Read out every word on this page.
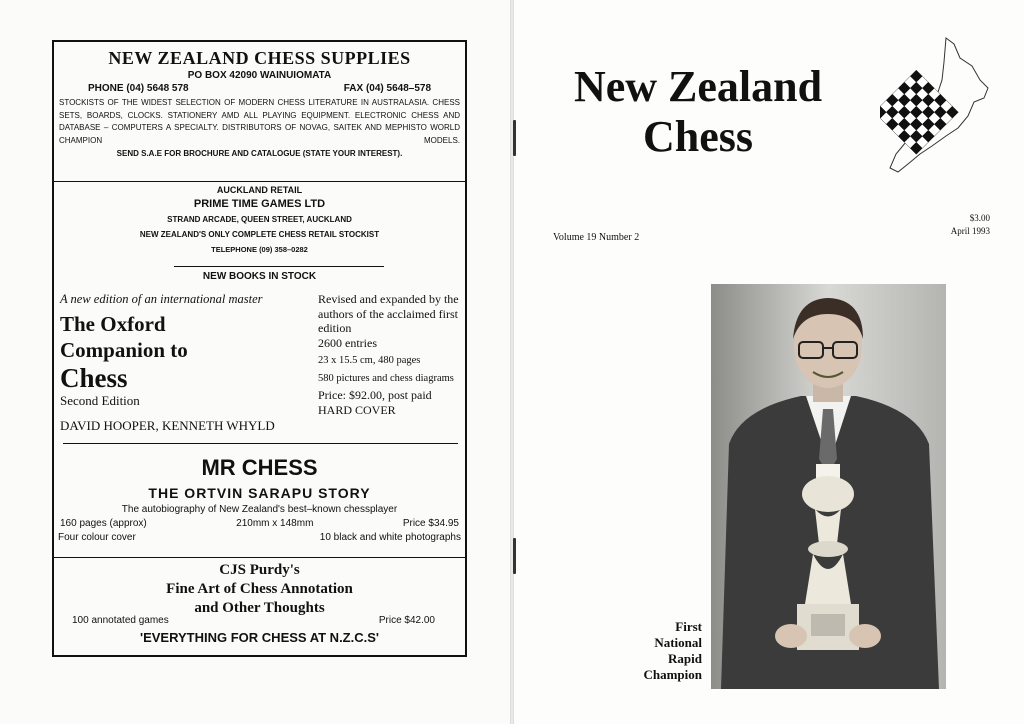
NEW ZEALAND CHESS SUPPLIES
PO BOX 42090 WAINUIOMATA
PHONE (04) 5648 578	FAX (04) 5648–578
STOCKISTS OF THE WIDEST SELECTION OF MODERN CHESS LITERATURE IN AUSTRALASIA. CHESS SETS, BOARDS, CLOCKS. STATIONERY AMD ALL PLAYING EQUIPMENT. ELECTRONIC CHESS AND DATABASE – COMPUTERS A SPECIALTY. DISTRIBUTORS OF NOVAG, SAITEK AND MEPHISTO WORLD CHAMPION MODELS.
SEND S.A.E FOR BROCHURE AND CATALOGUE (STATE YOUR INTEREST).
AUCKLAND RETAIL
PRIME TIME GAMES LTD
STRAND ARCADE, QUEEN STREET, AUCKLAND
NEW ZEALAND'S ONLY COMPLETE CHESS RETAIL STOCKIST
TELEPHONE (09) 358–0282
NEW BOOKS IN STOCK
A new edition of an international master
The Oxford
Companion to
Chess
Second Edition
DAVID HOOPER, KENNETH WHYLD
Revised and expanded by the authors of the acclaimed first edition
2600 entries
23 x 15.5 cm, 480 pages
580 pictures and chess diagrams
Price: $92.00, post paid
HARD COVER
MR CHESS
THE ORTVIN SARAPU STORY
The autobiography of New Zealand's best–known chessplayer
160 pages (approx)	210mm x 148mm	Price $34.95
Four colour cover	10 black and white photographs
CJS Purdy's
Fine Art of Chess Annotation
and Other Thoughts
100 annotated games	Price $42.00
'EVERYTHING FOR CHESS AT N.Z.C.S'
New Zealand
Chess
Volume 19 Number 2
$3.00
April 1993
First
National
Rapid
Champion
